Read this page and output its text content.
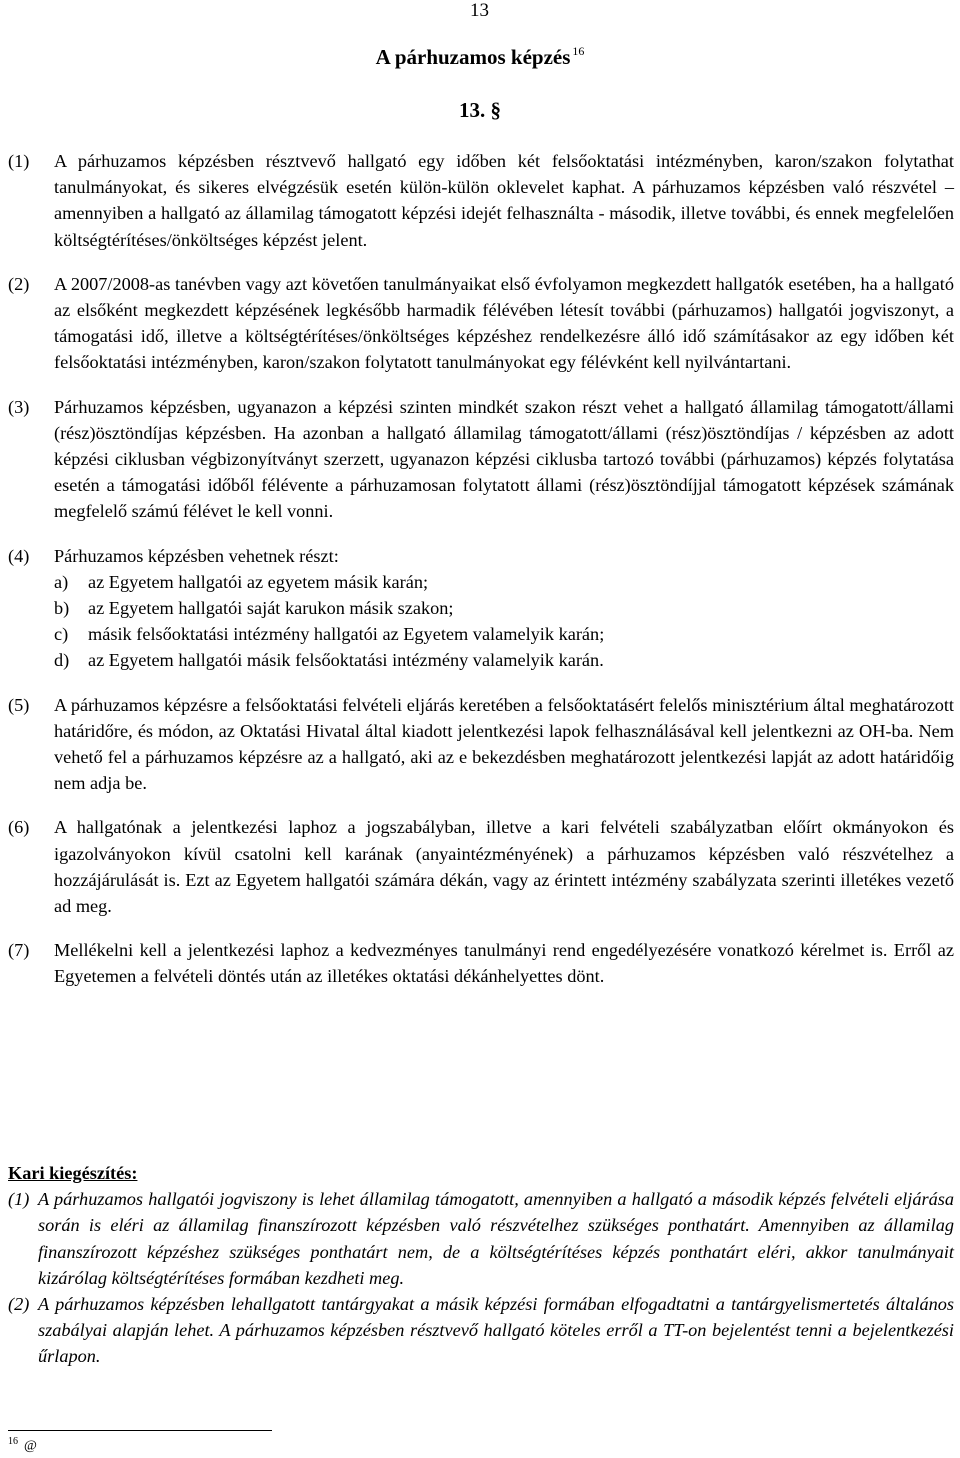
13
A párhuzamos képzés $^{16}$
13. §
(1)	A párhuzamos képzésben résztvevő hallgató egy időben két felsőoktatási intézményben, karon/szakon folytathat tanulmányokat, és sikeres elvégzésük esetén külön-külön oklevelet kaphat. A párhuzamos képzésben való részvétel – amennyiben a hallgató az államilag támogatott képzési idejét felhasználta - második, illetve további, és ennek megfelelően költségtérítéses/önköltséges képzést jelent.
(2)	A 2007/2008-as tanévben vagy azt követően tanulmányaikat első évfolyamon megkezdett hallgatók esetében, ha a hallgató az elsőként megkezdett képzésének legkésőbb harmadik félévében létesít további (párhuzamos) hallgatói jogviszonyt, a támogatási idő, illetve a költségtérítéses/önköltséges képzéshez rendelkezésre álló idő számításakor az egy időben két felsőoktatási intézményben, karon/szakon folytatott tanulmányokat egy félévként kell nyilvántartani.
(3)	Párhuzamos képzésben, ugyanazon a képzési szinten mindkét szakon részt vehet a hallgató államilag támogatott/állami (rész)ösztöndíjas képzésben. Ha azonban a hallgató államilag támogatott/állami (rész)ösztöndíjas / képzésben az adott képzési ciklusban végbizonyítványt szerzett, ugyanazon képzési ciklusba tartozó további (párhuzamos) képzés folytatása esetén a támogatási időből félévente a párhuzamosan folytatott állami (rész)ösztöndíjjal támogatott képzések számának megfelelő számú félévet le kell vonni.
(4)	Párhuzamos képzésben vehetnek részt:
a)	az Egyetem hallgatói az egyetem másik karán;
b)	az Egyetem hallgatói saját karukon másik szakon;
c)	másik felsőoktatási intézmény hallgatói az Egyetem valamelyik karán;
d)	az Egyetem hallgatói másik felsőoktatási intézmény valamelyik karán.
(5)	A párhuzamos képzésre a felsőoktatási felvételi eljárás keretében a felsőoktatásért felelős minisztérium által meghatározott határidőre, és módon, az Oktatási Hivatal által kiadott jelentkezési lapok felhasználásával kell jelentkezni az OH-ba. Nem vehető fel a párhuzamos képzésre az a hallgató, aki az e bekezdésben meghatározott jelentkezési lapját az adott határidőig nem adja be.
(6)	A hallgatónak a jelentkezési laphoz a jogszabályban, illetve a kari felvételi szabályzatban előírt okmányokon és igazolványokon kívül csatolni kell karának (anyaintézményének) a párhuzamos képzésben való részvételhez a hozzájárulását is. Ezt az Egyetem hallgatói számára dékán, vagy az érintett intézmény szabályzata szerinti illetékes vezető ad meg.
(7)	Mellékelni kell a jelentkezési laphoz a kedvezményes tanulmányi rend engedélyezésére vonatkozó kérelmet is. Erről az Egyetemen a felvételi döntés után az illetékes oktatási dékánhelyettes dönt.
Kari kiegészítés:
(1) A párhuzamos hallgatói jogviszony is lehet államilag támogatott, amennyiben a hallgató a második képzés felvételi eljárása során is eléri az államilag finanszírozott képzésben való részvételhez szükséges ponthatárt. Amennyiben az államilag finanszírozott képzéshez szükséges ponthatárt nem, de a költségtérítéses képzés ponthatárt eléri, akkor tanulmányait kizárólag költségtérítéses formában kezdheti meg.
(2) A párhuzamos képzésben lehallgatott tantárgyakat a másik képzési formában elfogadtatni a tantárgyelismertetés általános szabályai alapján lehet. A párhuzamos képzésben résztvevő hallgató köteles erről a TT-on bejelentést tenni a bejelentkezési űrlapon.
$^{16}$ @
